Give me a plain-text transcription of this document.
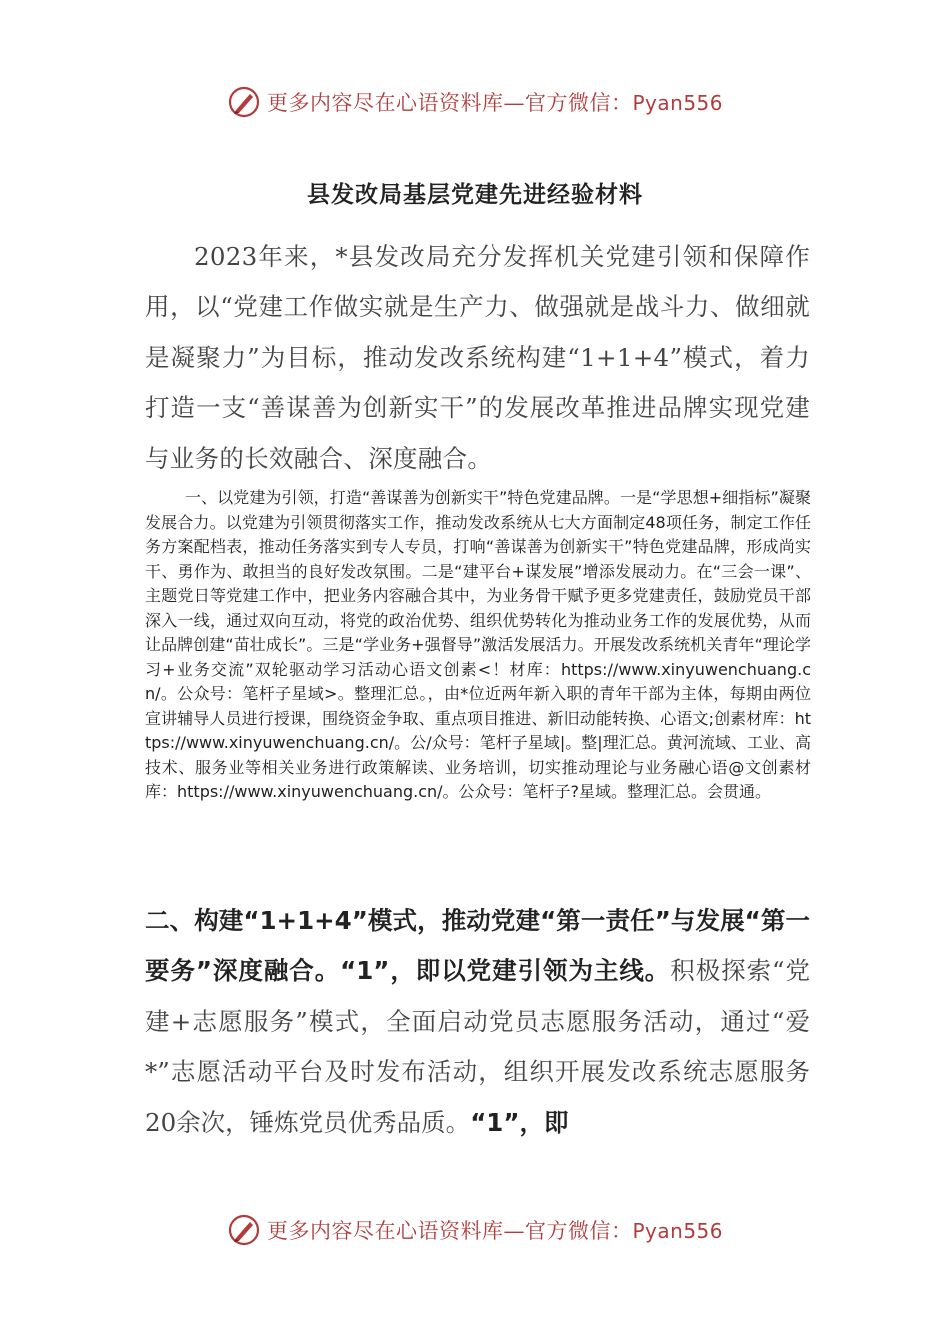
更多内容尽在心语资料库—官方微信：Pyan556
县发改局基层党建先进经验材料

2023年来，*县发改局充分发挥机关党建引领和保障作用，以“党建工作做实就是生产力、做强就是战斗力、做细就是凝聚力”为目标，推动发改系统构建“1+1+4”模式，着力打造一支“善谋善为创新实干”的发展改革推进品牌实现党建与业务的长效融合、深度融合。

一、以党建为引领，打造“善谋善为创新实干”特色党建品牌。一是“学思想+细指标”凝聚发展合力。以党建为引领贯彻落实工作，推动发改系统从七大方面制定48项任务，制定工作任务方案配档表，推动任务落实到专人专员，打响“善谋善为创新实干”特色党建品牌，形成尚实干、勇作为、敢担当的良好发改氛围。二是“建平台+谋发展”增添发展动力。在“三会一课”、主题党日等党建工作中，把业务内容融合其中，为业务骨干赋予更多党建责任，鼓励党员干部深入一线，通过双向互动，将党的政治优势、组织优势转化为推动业务工作的发展优势，从而让品牌创建“苗壮成长”。三是“学业务+强督导”激活发展活力。开展发改系统机关青年“理论学习+业务交流”双轮驱动学习活动心语文创素<！材库：https://www.xinyuwenchuang.cn/。公众号：笔杆子星域>。整理汇总。，由*位近两年新入职的青年干部为主体，每期由两位宣讲辅导人员进行授课，围绕资金争取、重点项目推进、新旧动能转换、心语文;创素材库：https://www.xinyuwenchuang.cn/。公/众号：笔杆子星域|。整|理汇总。黄河流域、工业、高技术、服务业等相关业务进行政策解读、业务培训，切实推动理论与业务融心语@文创素材库：https://www.xinyuwenchuang.cn/。公众号：笔杆子?星域。整理汇总。会贯通。

二、构建“1+1+4”模式，推动党建“第一责任”与发展“第一要务”深度融合。“1”，即以党建引领为主线。积极探索“党建+志愿服务”模式，全面启动党员志愿服务活动，通过“爱*”志愿活动平台及时发布活动，组织开展发改系统志愿服务20余次，锤炼党员优秀品质。“1”，即

更多内容尽在心语资料库—官方微信：Pyan556
